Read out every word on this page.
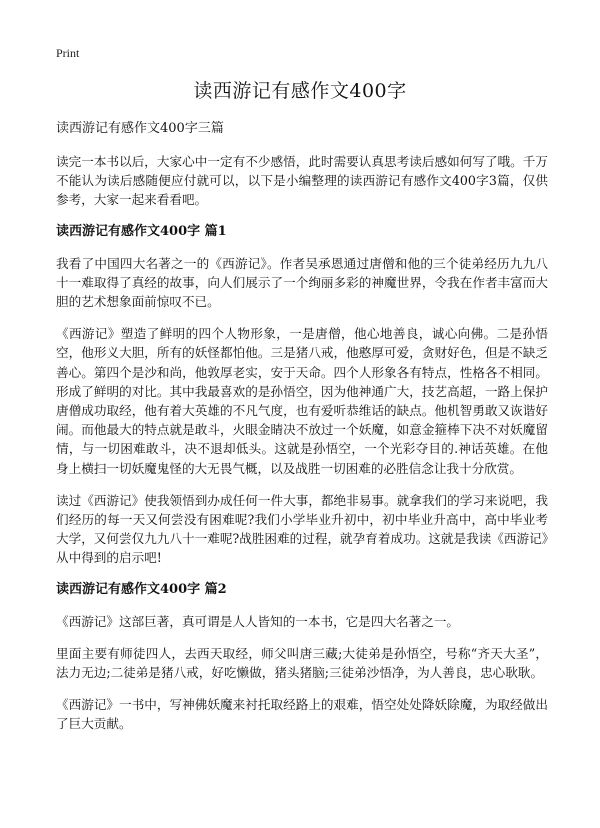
Print
读西游记有感作文400字
读西游记有感作文400字三篇

读完一本书以后，大家心中一定有不少感悟，此时需要认真思考读后感如何写了哦。千万不能认为读后感随便应付就可以，以下是小编整理的读西游记有感作文400字3篇，仅供参考，大家一起来看看吧。

读西游记有感作文400字 篇1

我看了中国四大名著之一的《西游记》。作者吴承恩通过唐僧和他的三个徒弟经历九九八十一难取得了真经的故事，向人们展示了一个绚丽多彩的神魔世界，令我在作者丰富而大胆的艺术想象面前惊叹不已。

《西游记》塑造了鲜明的四个人物形象，一是唐僧，他心地善良，诚心向佛。二是孙悟空，他形义大胆，所有的妖怪都怕他。三是猪八戒，他憨厚可爱，贪财好色，但是不缺乏善心。第四个是沙和尚，他敦厚老实，安于天命。四个人形象各有特点，性格各不相同。形成了鲜明的对比。其中我最喜欢的是孙悟空，因为他神通广大，技艺高超，一路上保护唐僧成功取经，他有着大英雄的不凡气度，也有爱听恭维话的缺点。他机智勇敢又诙谐好闹。而他最大的特点就是敢斗，火眼金睛决不放过一个妖魔，如意金箍棒下决不对妖魔留情，与一切困难敢斗，决不退却低头。这就是孙悟空，一个光彩夺目的.神话英雄。在他身上横扫一切妖魔鬼怪的大无畏气概，以及战胜一切困难的必胜信念让我十分欣赏。

读过《西游记》使我领悟到办成任何一件大事，都绝非易事。就拿我们的学习来说吧，我们经历的每一天又何尝没有困难呢?我们小学毕业升初中，初中毕业升高中，高中毕业考大学，又何尝仅九九八十一难呢?战胜困难的过程，就孕育着成功。这就是我读《西游记》从中得到的启示吧!

读西游记有感作文400字 篇2

《西游记》这部巨著，真可谓是人人皆知的一本书，它是四大名著之一。

里面主要有师徒四人，去西天取经，师父叫唐三藏;大徒弟是孙悟空，号称“齐天大圣”，法力无边;二徒弟是猪八戒，好吃懒做，猪头猪脑;三徒弟沙悟净，为人善良，忠心耿耿。

《西游记》一书中，写神佛妖魔来衬托取经路上的艰难，悟空处处降妖除魔，为取经做出了巨大贡献。
